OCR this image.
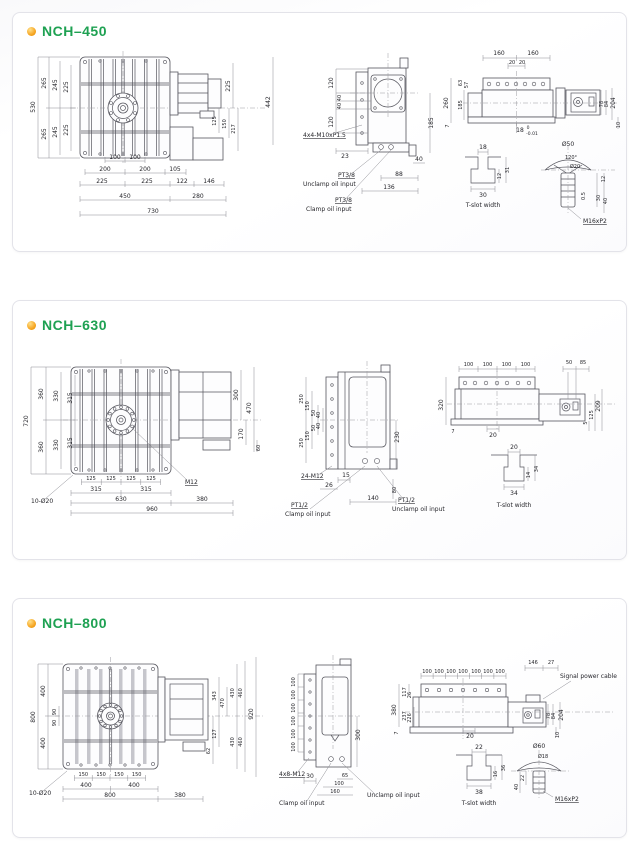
NCH–450
530
265
265
245
245
225
225
225
125 150
217
442
100 100
200	200	105
225	225	122	146
450	280
730
120
40
40
120
4x4-M10xP1.5
23
185
40
88
136
PT3/8
Unclamp oil input
PT3/8
Clamp oil input
160	160
20 20
63 57
260 185
7
18 0
-0.01
78 84 204
10
18
30
12
31
T-slot width
Ø50
120°
Ø20
0.5 30 40
12
M16xP2
NCH–630
720
360
360
330
330
315
315
300
470
170
60
125 125 125 125
315	315
630	380
960
M12
10-Ø20
250
250
150
150
50
50
40
40
24-M12	15
26
230
80
140
PT1/2
Clamp oil input
PT1/2
Unclamp oil input
100 100 100 100	50 85
320
7	20
5
125
209
20
34
14
34
T-slot width
NCH–800
800
400
400
90
90
343
470
430 460
920
127
62
430 460
150 150 150 150
400	400
800	380
10-Ø20
100
100
100
100
100
100
4x8-M12 30
300
65
100
160
Clamp oil input
Unclamp oil input
146 27
Signal power cable
100 100 100 100 100 100 100
380
117 26
237 226
7	20
78 84 204
10
22
38
16
36
T-slot width
Ø60
Ø18
22
40
M16xP2
